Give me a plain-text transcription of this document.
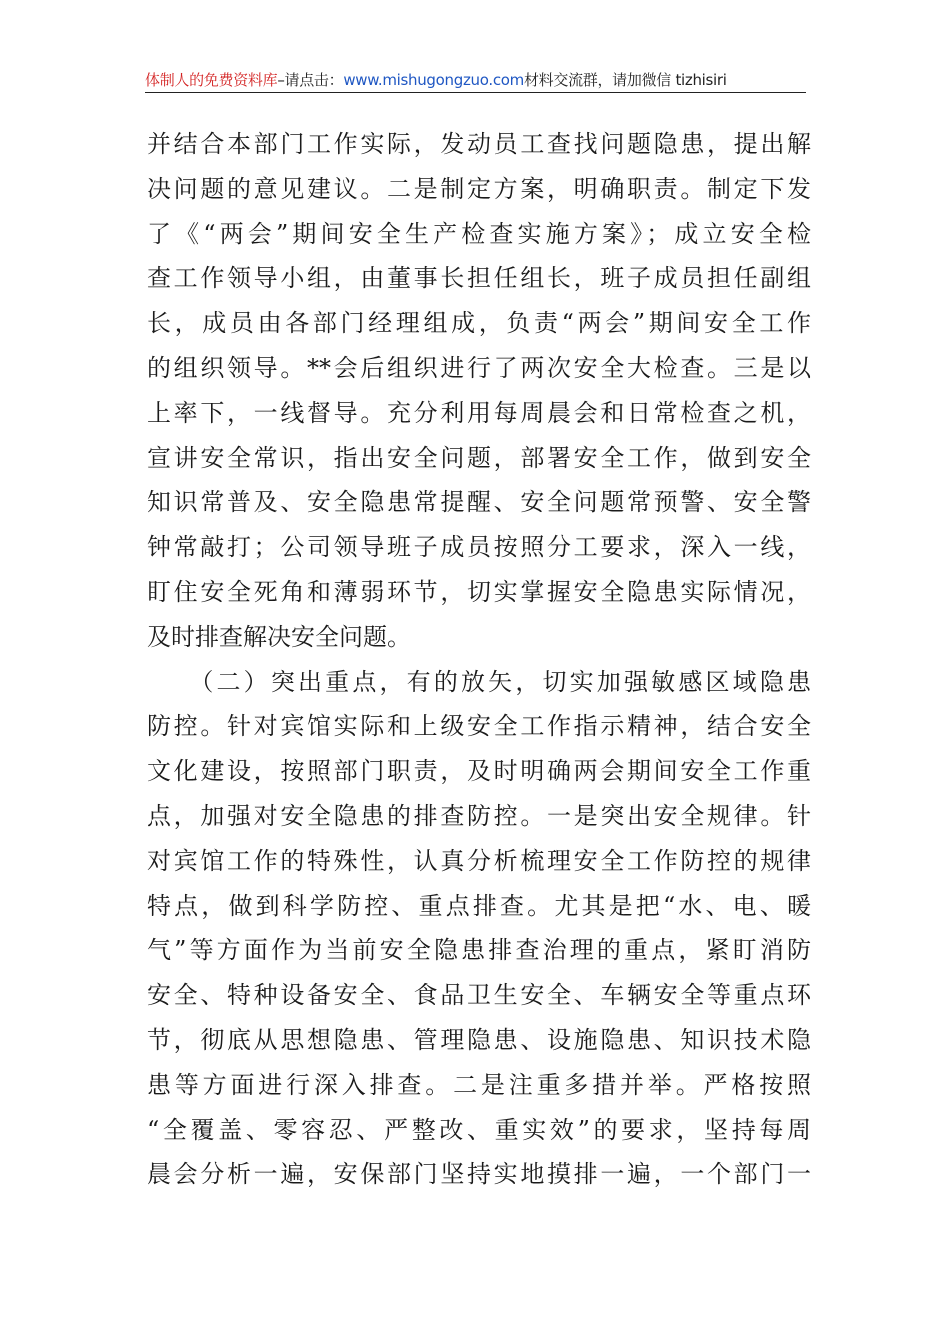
体制人的免费资料库–请点击：www.mishugongzuo.com材料交流群，请加微信 tizhisiri
并结合本部门工作实际，发动员工查找问题隐患，提出解
决问题的意见建议。二是制定方案，明确职责。制定下发
了《“两会”期间安全生产检查实施方案》；成立安全检
查工作领导小组，由董事长担任组长，班子成员担任副组
长，成员由各部门经理组成，负责“两会”期间安全工作
的组织领导。**会后组织进行了两次安全大检查。三是以
上率下，一线督导。充分利用每周晨会和日常检查之机，
宣讲安全常识，指出安全问题，部署安全工作，做到安全
知识常普及、安全隐患常提醒、安全问题常预警、安全警
钟常敲打；公司领导班子成员按照分工要求，深入一线，
盯住安全死角和薄弱环节，切实掌握安全隐患实际情况，
及时排查解决安全问题。
　　（二）突出重点，有的放矢，切实加强敏感区域隐患
防控。针对宾馆实际和上级安全工作指示精神，结合安全
文化建设，按照部门职责，及时明确两会期间安全工作重
点，加强对安全隐患的排查防控。一是突出安全规律。针
对宾馆工作的特殊性，认真分析梳理安全工作防控的规律
特点，做到科学防控、重点排查。尤其是把“水、电、暖
气”等方面作为当前安全隐患排查治理的重点，紧盯消防
安全、特种设备安全、食品卫生安全、车辆安全等重点环
节，彻底从思想隐患、管理隐患、设施隐患、知识技术隐
患等方面进行深入排查。二是注重多措并举。严格按照
“全覆盖、零容忍、严整改、重实效”的要求，坚持每周
晨会分析一遍，安保部门坚持实地摸排一遍，一个部门一
